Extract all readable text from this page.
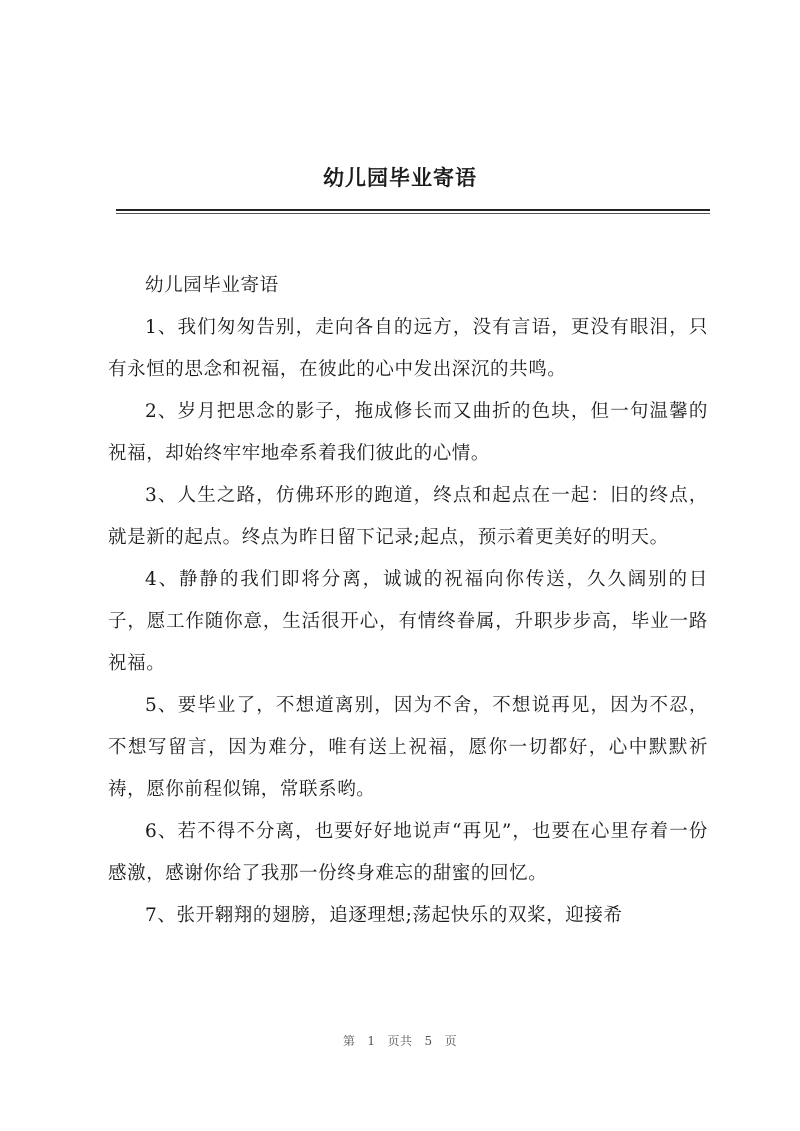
幼儿园毕业寄语

幼儿园毕业寄语

1、我们匆匆告别，走向各自的远方，没有言语，更没有眼泪，只有永恒的思念和祝福，在彼此的心中发出深沉的共鸣。

2、岁月把思念的影子，拖成修长而又曲折的色块，但一句温馨的祝福，却始终牢牢地牵系着我们彼此的心情。

3、人生之路，仿佛环形的跑道，终点和起点在一起：旧的终点，就是新的起点。终点为昨日留下记录;起点，预示着更美好的明天。

4、静静的我们即将分离，诚诚的祝福向你传送，久久阔别的日子，愿工作随你意，生活很开心，有情终眷属，升职步步高，毕业一路祝福。

5、要毕业了，不想道离别，因为不舍，不想说再见，因为不忍，不想写留言，因为难分，唯有送上祝福，愿你一切都好，心中默默祈祷，愿你前程似锦，常联系哟。

6、若不得不分离，也要好好地说声“再见”，也要在心里存着一份感激，感谢你给了我那一份终身难忘的甜蜜的回忆。

7、张开翱翔的翅膀，追逐理想;荡起快乐的双桨，迎接希

第 1 页共 5 页
